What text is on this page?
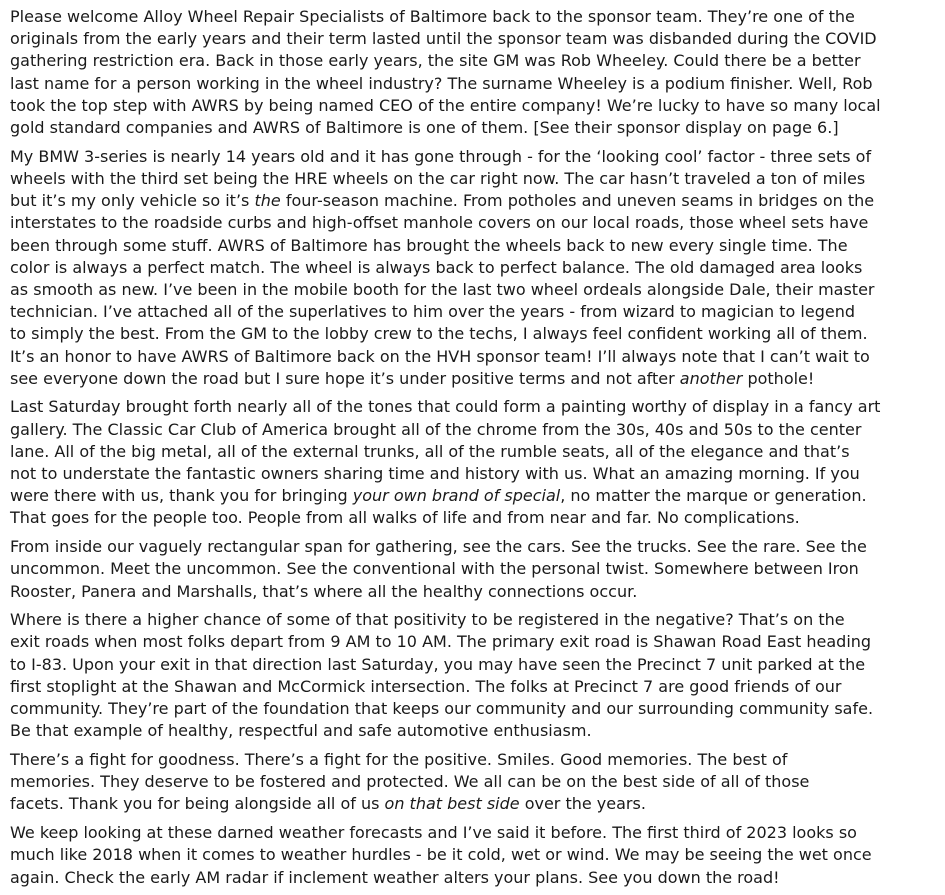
Please welcome Alloy Wheel Repair Specialists of Baltimore back to the sponsor team. They’re one of the
originals from the early years and their term lasted until the sponsor team was disbanded during the COVID
gathering restriction era. Back in those early years, the site GM was Rob Wheeley. Could there be a better
last name for a person working in the wheel industry? The surname Wheeley is a podium finisher. Well, Rob
took the top step with AWRS by being named CEO of the entire company! We’re lucky to have so many local
gold standard companies and AWRS of Baltimore is one of them. [See their sponsor display on page 6.]

My BMW 3-series is nearly 14 years old and it has gone through - for the ‘looking cool’ factor - three sets of
wheels with the third set being the HRE wheels on the car right now. The car hasn’t traveled a ton of miles
but it’s my only vehicle so it’s the four-season machine. From potholes and uneven seams in bridges on the
interstates to the roadside curbs and high-offset manhole covers on our local roads, those wheel sets have
been through some stuff. AWRS of Baltimore has brought the wheels back to new every single time. The
color is always a perfect match. The wheel is always back to perfect balance. The old damaged area looks
as smooth as new. I’ve been in the mobile booth for the last two wheel ordeals alongside Dale, their master
technician. I’ve attached all of the superlatives to him over the years - from wizard to magician to legend
to simply the best. From the GM to the lobby crew to the techs, I always feel confident working all of them.
It’s an honor to have AWRS of Baltimore back on the HVH sponsor team! I’ll always note that I can’t wait to
see everyone down the road but I sure hope it’s under positive terms and not after another pothole!

Last Saturday brought forth nearly all of the tones that could form a painting worthy of display in a fancy art
gallery. The Classic Car Club of America brought all of the chrome from the 30s, 40s and 50s to the center
lane. All of the big metal, all of the external trunks, all of the rumble seats, all of the elegance and that’s
not to understate the fantastic owners sharing time and history with us. What an amazing morning. If you
were there with us, thank you for bringing your own brand of special, no matter the marque or generation.
That goes for the people too. People from all walks of life and from near and far. No complications.

From inside our vaguely rectangular span for gathering, see the cars. See the trucks. See the rare. See the
uncommon. Meet the uncommon. See the conventional with the personal twist. Somewhere between Iron
Rooster, Panera and Marshalls, that’s where all the healthy connections occur.

Where is there a higher chance of some of that positivity to be registered in the negative? That’s on the
exit roads when most folks depart from 9 AM to 10 AM. The primary exit road is Shawan Road East heading
to I-83. Upon your exit in that direction last Saturday, you may have seen the Precinct 7 unit parked at the
first stoplight at the Shawan and McCormick intersection. The folks at Precinct 7 are good friends of our
community. They’re part of the foundation that keeps our community and our surrounding community safe.
Be that example of healthy, respectful and safe automotive enthusiasm.

There’s a fight for goodness. There’s a fight for the positive. Smiles. Good memories. The best of
memories. They deserve to be fostered and protected. We all can be on the best side of all of those
facets. Thank you for being alongside all of us on that best side over the years.

We keep looking at these darned weather forecasts and I’ve said it before. The first third of 2023 looks so
much like 2018 when it comes to weather hurdles - be it cold, wet or wind. We may be seeing the wet once
again. Check the early AM radar if inclement weather alters your plans. See you down the road!
